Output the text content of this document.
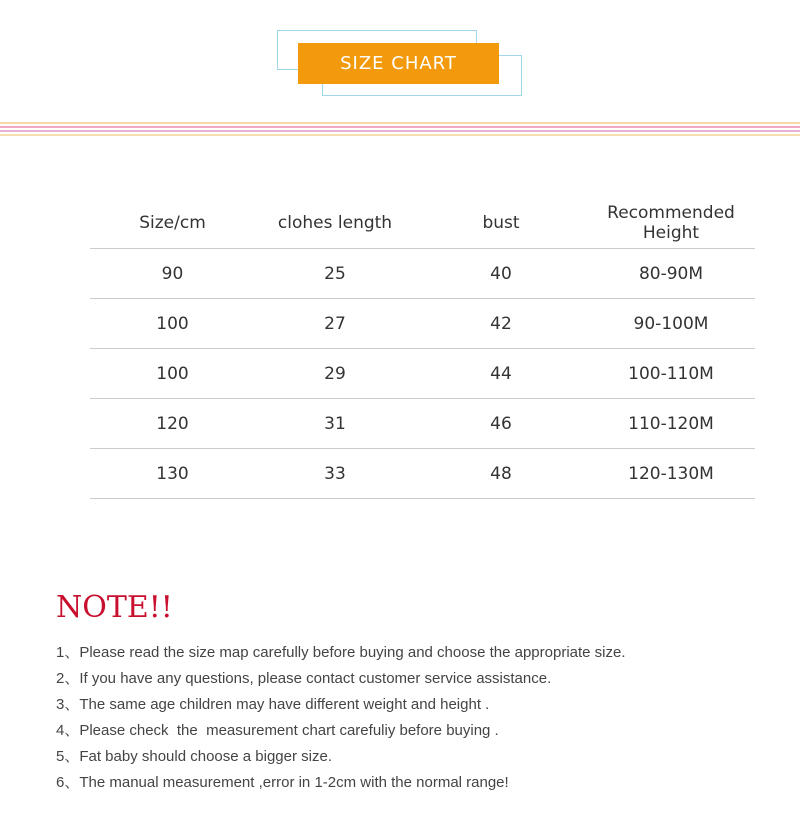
SIZE CHART
Size/cm	clohes length	bust	Recommended Height
90	25	40	80-90M
100	27	42	90-100M
100	29	44	100-110M
120	31	46	110-120M
130	33	48	120-130M
NOTE!!
1、Please read the size map carefully before buying and choose the appropriate size.
2、If you have any questions, please contact customer service assistance.
3、The same age children may have different weight and height .
4、Please check  the  measurement chart carefuliy before buying .
5、Fat baby should choose a bigger size.
6、The manual measurement ,error in 1-2cm with the normal range!
